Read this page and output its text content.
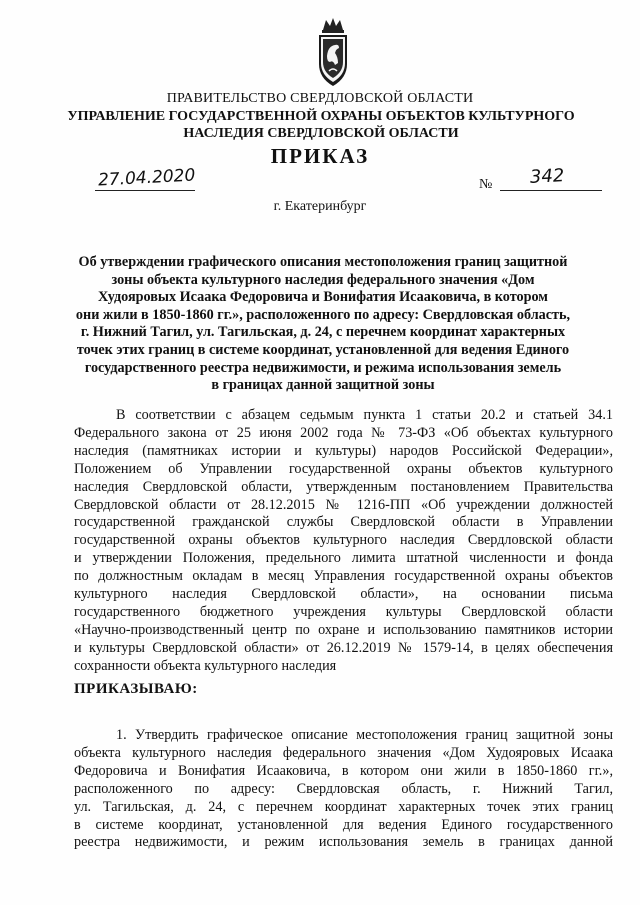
ПРАВИТЕЛЬСТВО СВЕРДЛОВСКОЙ ОБЛАСТИ
УПРАВЛЕНИЕ ГОСУДАРСТВЕННОЙ ОХРАНЫ ОБЪЕКТОВ КУЛЬТУРНОГО НАСЛЕДИЯ СВЕРДЛОВСКОЙ ОБЛАСТИ
ПРИКАЗ
27.04.2020	№ 342
г. Екатеринбург
Об утверждении графического описания местоположения границ защитной
зоны объекта культурного наследия федерального значения «Дом
Худояровых Исаака Федоровича и Вонифатия Исааковича, в котором
они жили в 1850-1860 гг.», расположенного по адресу: Свердловская область,
г. Нижний Тагил, ул. Тагильская, д. 24, с перечнем координат характерных
точек этих границ в системе координат, установленной для ведения Единого
государственного реестра недвижимости, и режима использования земель
в границах данной защитной зоны
В соответствии с абзацем седьмым пункта 1 статьи 20.2 и статьей 34.1
Федерального закона от 25 июня 2002 года № 73-ФЗ «Об объектах культурного
наследия (памятниках истории и культуры) народов Российской Федерации»,
Положением об Управлении государственной охраны объектов культурного
наследия Свердловской области, утвержденным постановлением Правительства
Свердловской области от 28.12.2015 № 1216-ПП «Об учреждении должностей
государственной гражданской службы Свердловской области в Управлении
государственной охраны объектов культурного наследия Свердловской области
и утверждении Положения, предельного лимита штатной численности и фонда
по должностным окладам в месяц Управления государственной охраны объектов
культурного наследия Свердловской области», на основании письма
государственного бюджетного учреждения культуры Свердловской области
«Научно-производственный центр по охране и использованию памятников истории
и культуры Свердловской области» от 26.12.2019 № 1579-14, в целях обеспечения
сохранности объекта культурного наследия
ПРИКАЗЫВАЮ:
1. Утвердить графическое описание местоположения границ защитной зоны
объекта культурного наследия федерального значения «Дом Худояровых Исаака
Федоровича и Вонифатия Исааковича, в котором они жили в 1850-1860 гг.»,
расположенного по адресу: Свердловская область, г. Нижний Тагил,
ул. Тагильская, д. 24, с перечнем координат характерных точек этих границ
в системе координат, установленной для ведения Единого государственного
реестра недвижимости, и режим использования земель в границах данной
